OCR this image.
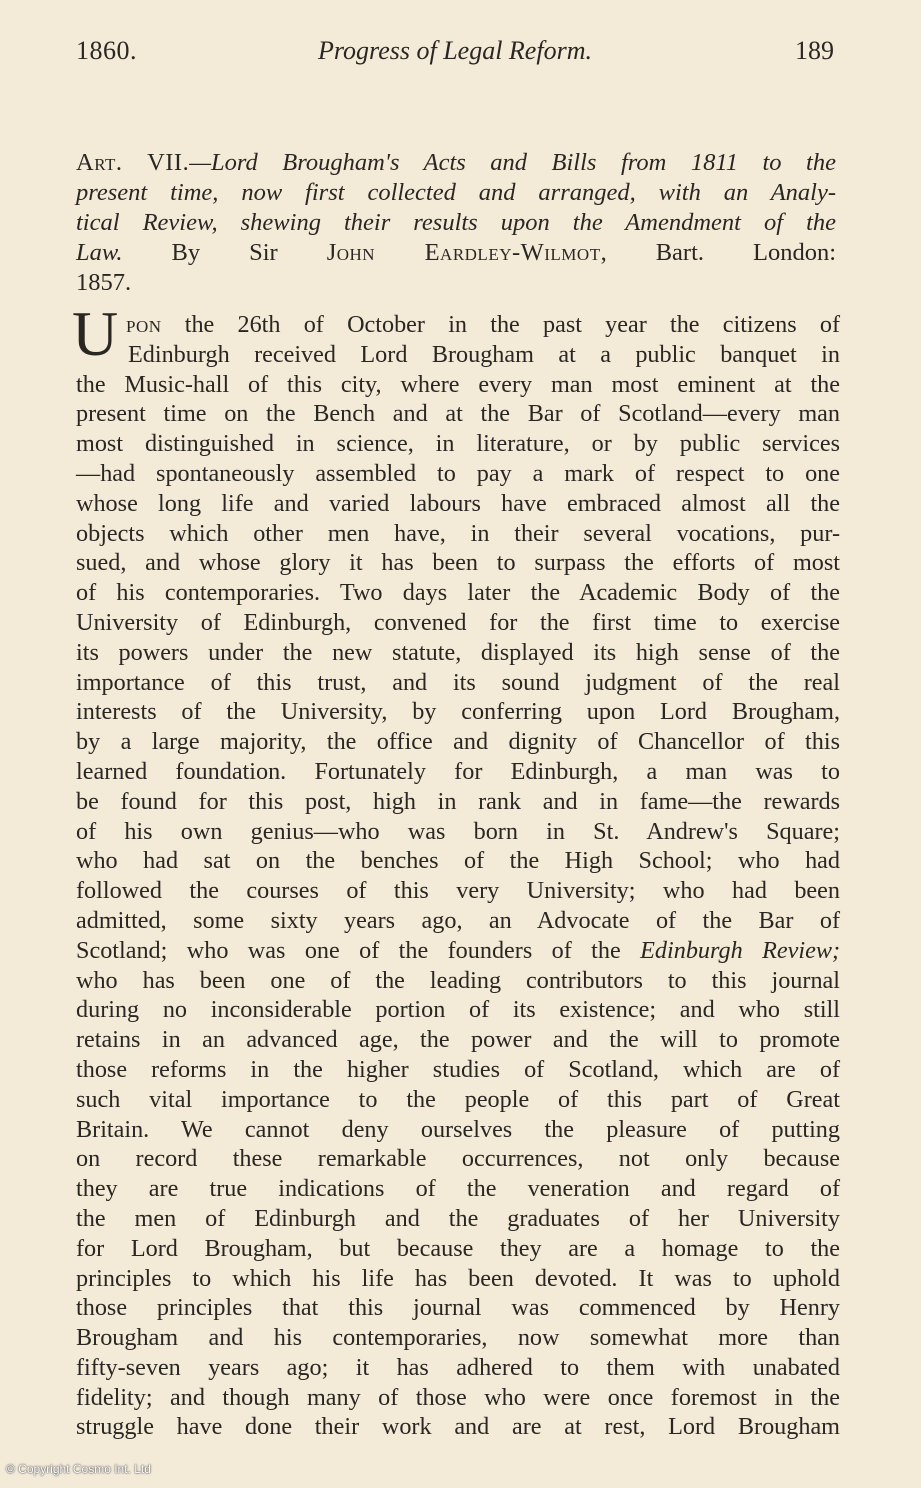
1860.	Progress of Legal Reform.	189
Art. VII.—Lord Brougham's Acts and Bills from 1811 to the
present time, now first collected and arranged, with an Analy-
tical Review, shewing their results upon the Amendment of the
Law. By Sir John Eardley-Wilmot, Bart. London:
1857.
U pon the 26th of October in the past year the citizens of
Edinburgh received Lord Brougham at a public banquet in
the Music-hall of this city, where every man most eminent at the
present time on the Bench and at the Bar of Scotland—every man
most distinguished in science, in literature, or by public services
—had spontaneously assembled to pay a mark of respect to one
whose long life and varied labours have embraced almost all the
objects which other men have, in their several vocations, pur-
sued, and whose glory it has been to surpass the efforts of most
of his contemporaries. Two days later the Academic Body of the
University of Edinburgh, convened for the first time to exercise
its powers under the new statute, displayed its high sense of the
importance of this trust, and its sound judgment of the real
interests of the University, by conferring upon Lord Brougham,
by a large majority, the office and dignity of Chancellor of this
learned foundation. Fortunately for Edinburgh, a man was to
be found for this post, high in rank and in fame—the rewards
of his own genius—who was born in St. Andrew's Square;
who had sat on the benches of the High School; who had
followed the courses of this very University; who had been
admitted, some sixty years ago, an Advocate of the Bar of
Scotland; who was one of the founders of the Edinburgh Review;
who has been one of the leading contributors to this journal
during no inconsiderable portion of its existence; and who still
retains in an advanced age, the power and the will to promote
those reforms in the higher studies of Scotland, which are of
such vital importance to the people of this part of Great
Britain. We cannot deny ourselves the pleasure of putting
on record these remarkable occurrences, not only because
they are true indications of the veneration and regard of
the men of Edinburgh and the graduates of her University
for Lord Brougham, but because they are a homage to the
principles to which his life has been devoted. It was to uphold
those principles that this journal was commenced by Henry
Brougham and his contemporaries, now somewhat more than
fifty-seven years ago; it has adhered to them with unabated
fidelity; and though many of those who were once foremost in the
struggle have done their work and are at rest, Lord Brougham
© Copyright Cosmo Int. Ltd
